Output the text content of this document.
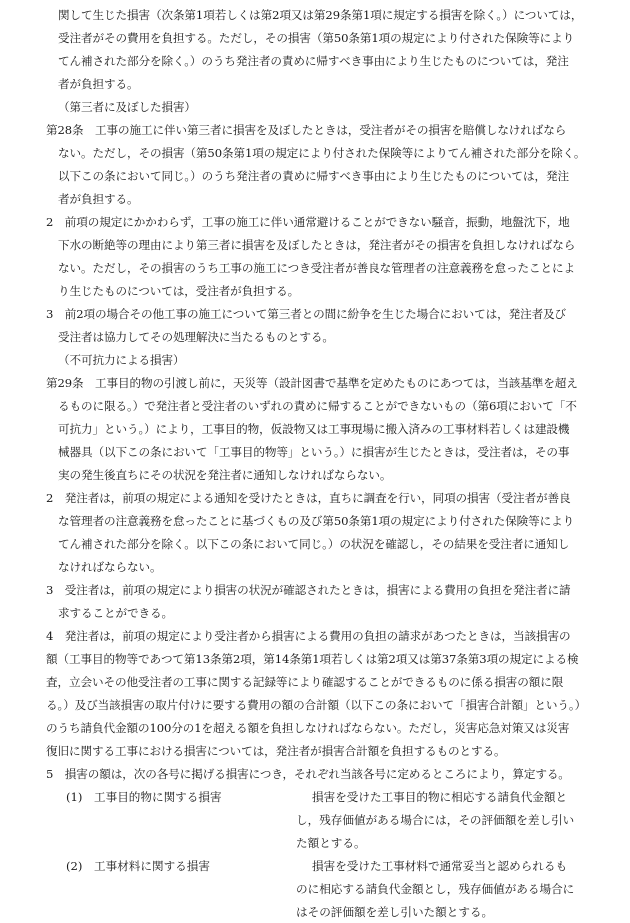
関して生じた損害（次条第1項若しくは第2項又は第29条第1項に規定する損害を除く。）については，
受注者がその費用を負担する。ただし，その損害（第50条第1項の規定により付された保険等により
てん補された部分を除く。）のうち発注者の責めに帰すべき事由により生じたものについては，発注
者が負担する。
（第三者に及ぼした損害）
第28条　工事の施工に伴い第三者に損害を及ぼしたときは，受注者がその損害を賠償しなければなら
ない。ただし，その損害（第50条第1項の規定により付された保険等によりてん補された部分を除く。
以下この条において同じ。）のうち発注者の責めに帰すべき事由により生じたものについては，発注
者が負担する。
2　前項の規定にかかわらず，工事の施工に伴い通常避けることができない騒音，振動，地盤沈下，地
下水の断絶等の理由により第三者に損害を及ぼしたときは，発注者がその損害を負担しなければなら
ない。ただし，その損害のうち工事の施工につき受注者が善良な管理者の注意義務を怠ったことによ
り生じたものについては，受注者が負担する。
3　前2項の場合その他工事の施工について第三者との間に紛争を生じた場合においては，発注者及び
受注者は協力してその処理解決に当たるものとする。
（不可抗力による損害）
第29条　工事目的物の引渡し前に，天災等（設計図書で基準を定めたものにあつては，当該基準を超え
るものに限る。）で発注者と受注者のいずれの責めに帰することができないもの（第6項において「不
可抗力」という。）により，工事目的物，仮設物又は工事現場に搬入済みの工事材料若しくは建設機
械器具（以下この条において「工事目的物等」という。）に損害が生じたときは，受注者は，その事
実の発生後直ちにその状況を発注者に通知しなければならない。
2　発注者は，前項の規定による通知を受けたときは，直ちに調査を行い，同項の損害（受注者が善良
な管理者の注意義務を怠ったことに基づくもの及び第50条第1項の規定により付された保険等により
てん補された部分を除く。以下この条において同じ。）の状況を確認し，その結果を受注者に通知し
なければならない。
3　受注者は，前項の規定により損害の状況が確認されたときは，損害による費用の負担を発注者に請
求することができる。
4　発注者は，前項の規定により受注者から損害による費用の負担の請求があつたときは，当該損害の
額（工事目的物等であつて第13条第2項，第14条第1項若しくは第2項又は第37条第3項の規定による検
査，立会いその他受注者の工事に関する記録等により確認することができるものに係る損害の額に限
る。）及び当該損害の取片付けに要する費用の額の合計額（以下この条において「損害合計額」という。）
のうち請負代金額の100分の1を超える額を負担しなければならない。ただし，災害応急対策又は災害
復旧に関する工事における損害については，発注者が損害合計額を負担するものとする。
5　損害の額は，次の各号に掲げる損害につき，それぞれ当該各号に定めるところにより，算定する。
(1)　工事目的物に関する損害	損害を受けた工事目的物に相応する請負代金額と
し，残存価値がある場合には，その評価額を差し引い
た額とする。
(2)　工事材料に関する損害	損害を受けた工事材料で通常妥当と認められるも
のに相応する請負代金額とし，残存価値がある場合に
はその評価額を差し引いた額とする。
